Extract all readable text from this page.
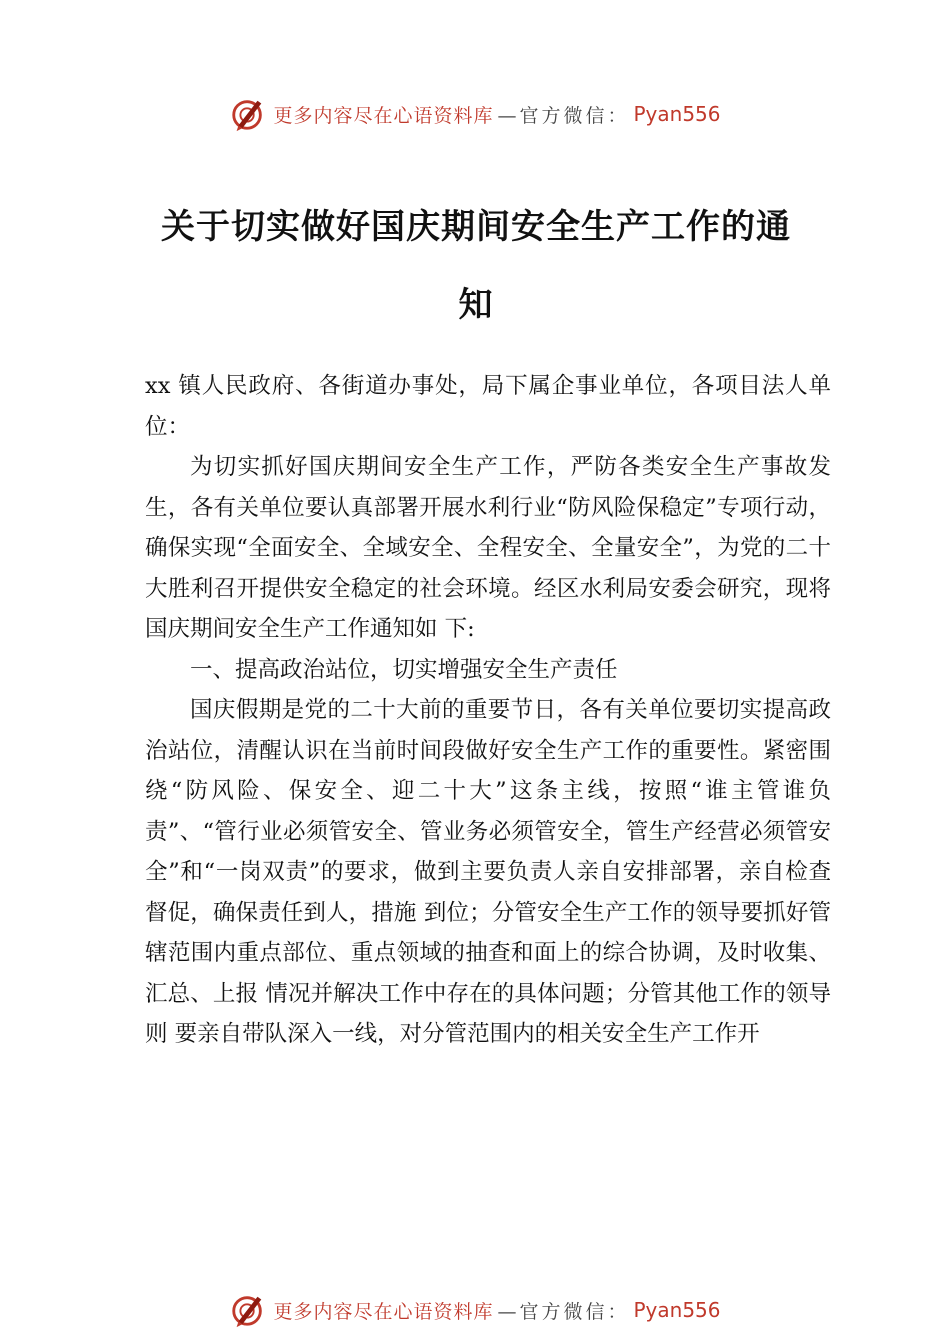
更多内容尽在心语资料库 —官方微信： Pyan556
关于切实做好国庆期间安全生产工作的通知

xx 镇人民政府、各街道办事处，局下属企事业单位，各项目法人单位：

为切实抓好国庆期间安全生产工作，严防各类安全生产事故发生，各有关单位要认真部署开展水利行业“防风险保稳定”专项行动，确保实现“全面安全、全域安全、全程安全、全量安全”，为党的二十大胜利召开提供安全稳定的社会环境。经区水利局安委会研究，现将国庆期间安全生产工作通知如 下:

一、提高政治站位，切实增强安全生产责任

国庆假期是党的二十大前的重要节日，各有关单位要切实提高政治站位，清醒认识在当前时间段做好安全生产工作的重要性。紧密围绕“防风险、保安全、迎二十大”这条主线，按照“谁主管谁负责”、“管行业必须管安全、管业务必须管安全，管生产经营必须管安全”和“一岗双责”的要求，做到主要负责人亲自安排部署，亲自检查督促，确保责任到人，措施 到位；分管安全生产工作的领导要抓好管辖范围内重点部位、重点领域的抽查和面上的综合协调，及时收集、汇总、上报 情况并解决工作中存在的具体问题；分管其他工作的领导则 要亲自带队深入一线，对分管范围内的相关安全生产工作开

更多内容尽在心语资料库 —官方微信： Pyan556
